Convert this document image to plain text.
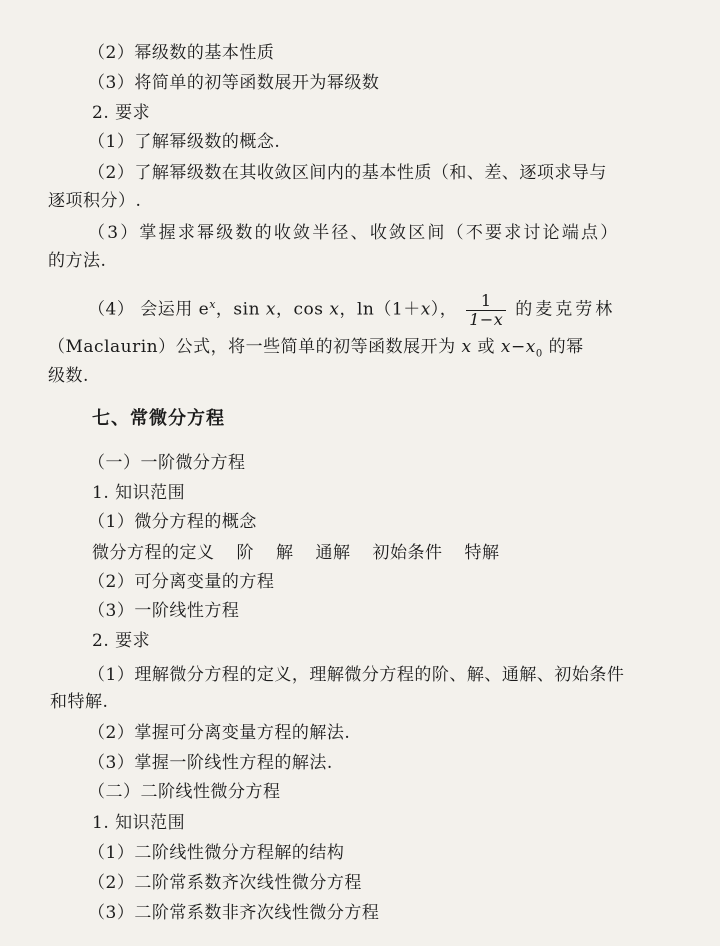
（2）幂级数的基本性质
（3）将简单的初等函数展开为幂级数
2. 要求
（1）了解幂级数的概念.
（2）了解幂级数在其收敛区间内的基本性质（和、差、逐项求导与
逐项积分）.
（3）掌握求幂级数的收敛半径、收敛区间（不要求讨论端点）
的方法.
（4） 会运用 $e^x$，sin x，cos x，ln（1＋x）， $\frac{1}{1-x}$ 的麦克劳林
（Maclaurin）公式，将一些简单的初等函数展开为 x 或 $x-x_0$ 的幂
级数.
七、常微分方程
（一）一阶微分方程
1. 知识范围
（1）微分方程的概念
微分方程的定义 阶 解 通解 初始条件 特解
（2）可分离变量的方程
（3）一阶线性方程
2. 要求
（1）理解微分方程的定义，理解微分方程的阶、解、通解、初始条件
和特解.
（2）掌握可分离变量方程的解法.
（3）掌握一阶线性方程的解法.
（二）二阶线性微分方程
1. 知识范围
（1）二阶线性微分方程解的结构
（2）二阶常系数齐次线性微分方程
（3）二阶常系数非齐次线性微分方程
